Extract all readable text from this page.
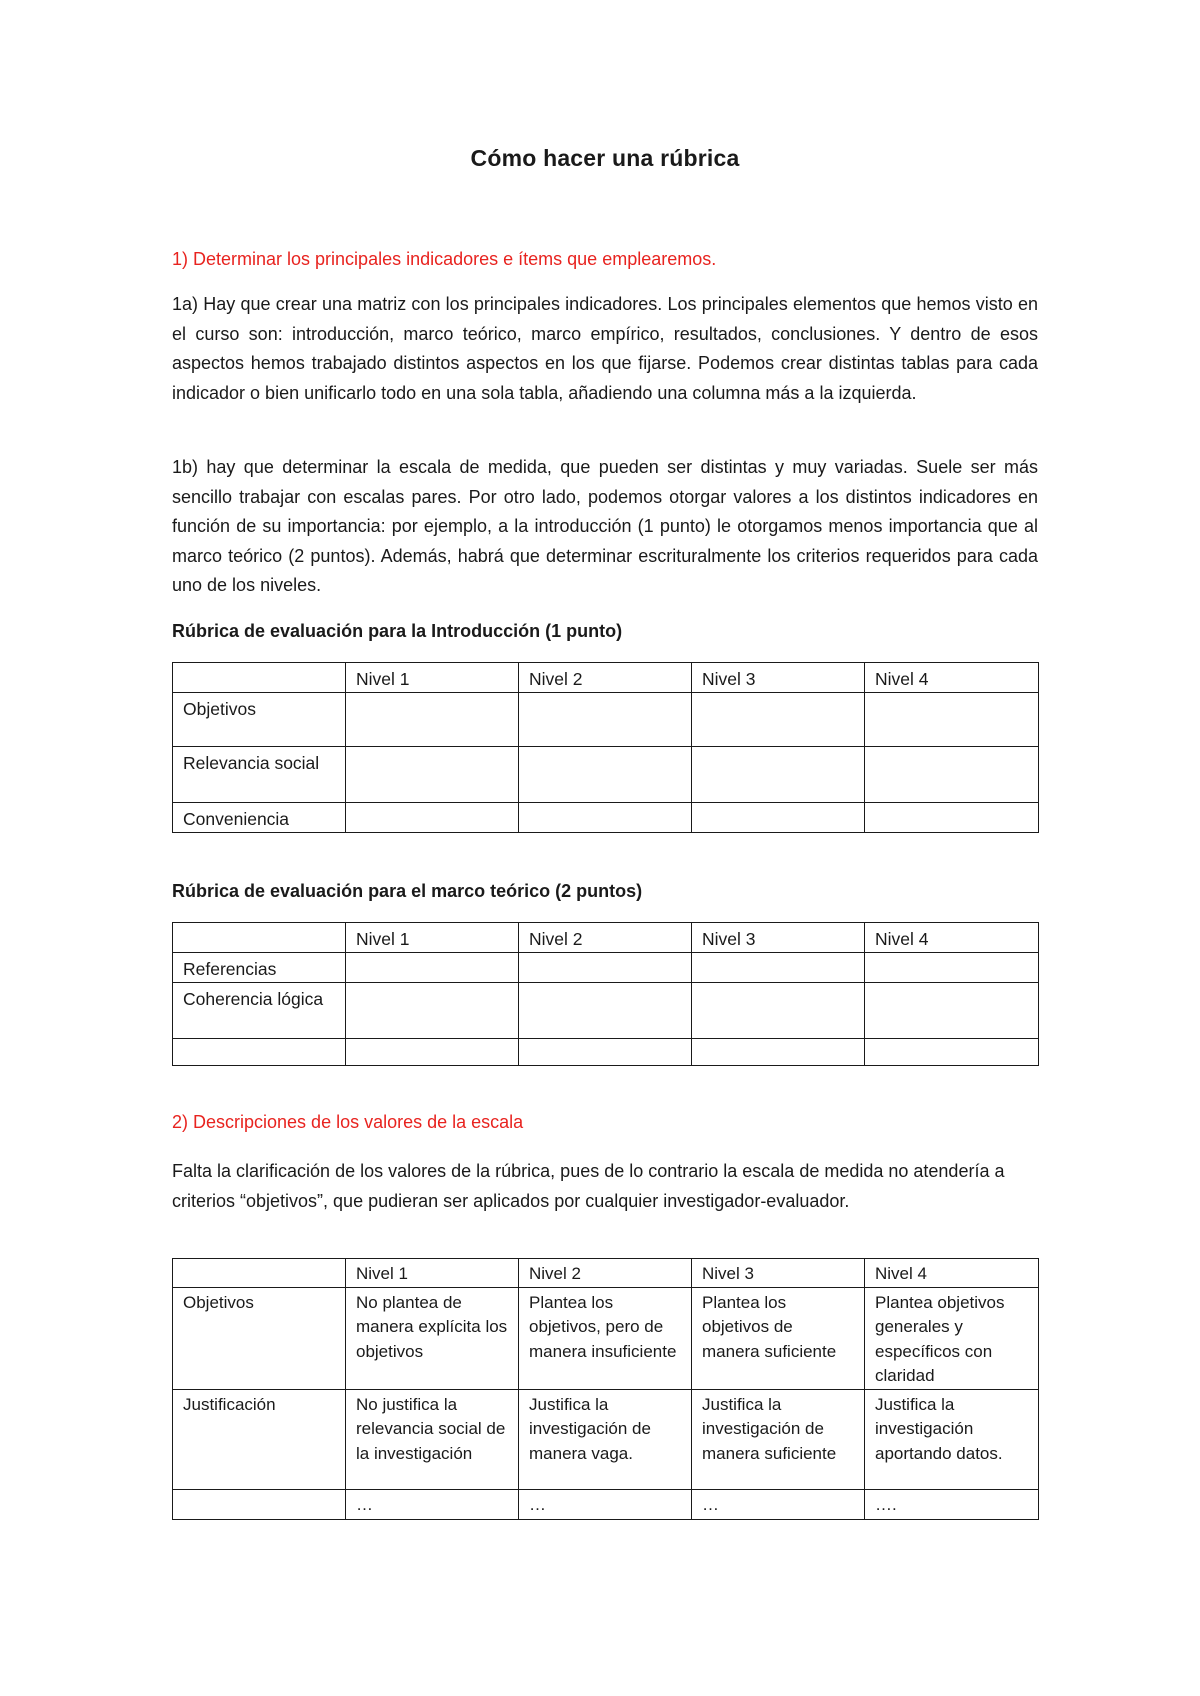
Cómo hacer una rúbrica
1) Determinar los principales indicadores e ítems que emplearemos.

1a) Hay que crear una matriz con los principales indicadores. Los principales elementos que hemos visto en el curso son: introducción, marco teórico, marco empírico, resultados, conclusiones. Y dentro de esos aspectos hemos trabajado distintos aspectos en los que fijarse. Podemos crear distintas tablas para cada indicador o bien unificarlo todo en una sola tabla, añadiendo una columna más a la izquierda.

1b) hay que determinar la escala de medida, que pueden ser distintas y muy variadas. Suele ser más sencillo trabajar con escalas pares. Por otro lado, podemos otorgar valores a los distintos indicadores en función de su importancia: por ejemplo, a la introducción (1 punto) le otorgamos menos importancia que al marco teórico (2 puntos). Además, habrá que determinar escrituralmente los criterios requeridos para cada uno de los niveles.

Rúbrica de evaluación para la Introducción (1 punto)
	Nivel 1	Nivel 2	Nivel 3	Nivel 4
Objetivos				
Relevancia social				
Conveniencia				
Rúbrica de evaluación para el marco teórico (2 puntos)
	Nivel 1	Nivel 2	Nivel 3	Nivel 4
Referencias				
Coherencia lógica				

2) Descripciones de los valores de la escala

Falta la clarificación de los valores de la rúbrica, pues de lo contrario la escala de medida no atendería a criterios “objetivos”, que pudieran ser aplicados por cualquier investigador-evaluador.

	Nivel 1	Nivel 2	Nivel 3	Nivel 4
Objetivos	No plantea de manera explícita los objetivos	Plantea los objetivos, pero de manera insuficiente	Plantea los objetivos de manera suficiente	Plantea objetivos generales y específicos con claridad
Justificación	No justifica la relevancia social de la investigación	Justifica la investigación de manera vaga.	Justifica la investigación de manera suficiente	Justifica la investigación aportando datos.
	…	…	…	….
